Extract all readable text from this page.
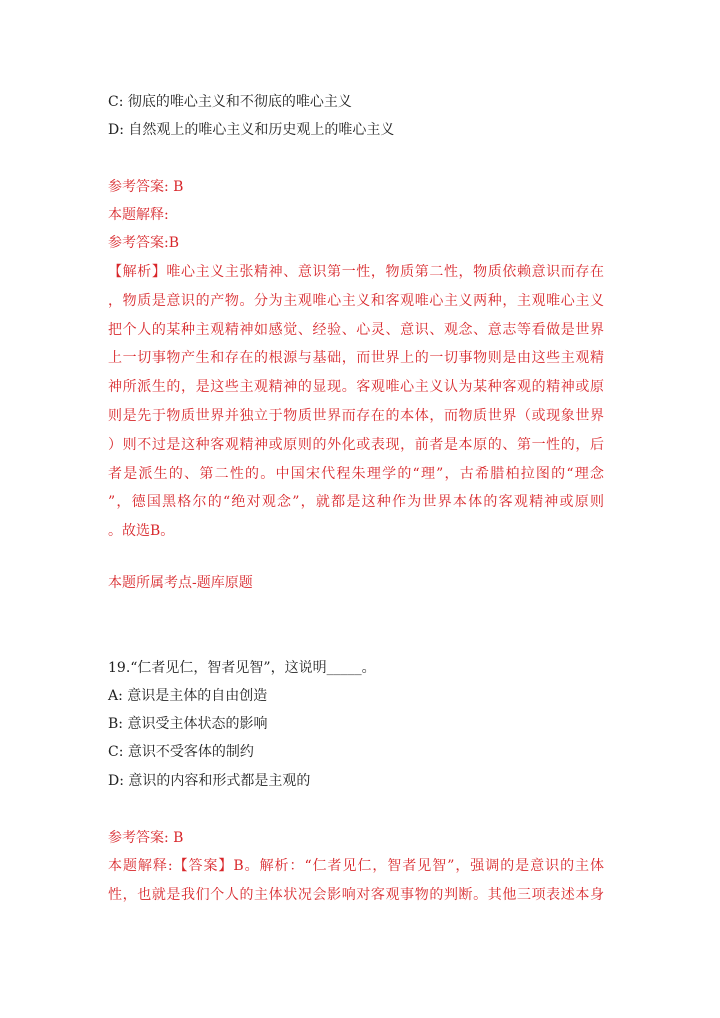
C: 彻底的唯心主义和不彻底的唯心主义
D: 自然观上的唯心主义和历史观上的唯心主义
参考答案: B
本题解释:
参考答案:B
【解析】唯心主义主张精神、意识第一性，物质第二性，物质依赖意识而存在
，物质是意识的产物。分为主观唯心主义和客观唯心主义两种，主观唯心主义
把个人的某种主观精神如感觉、经验、心灵、意识、观念、意志等看做是世界
上一切事物产生和存在的根源与基础，而世界上的一切事物则是由这些主观精
神所派生的，是这些主观精神的显现。客观唯心主义认为某种客观的精神或原
则是先于物质世界并独立于物质世界而存在的本体，而物质世界（或现象世界
）则不过是这种客观精神或原则的外化或表现，前者是本原的、第一性的，后
者是派生的、第二性的。中国宋代程朱理学的“理”，古希腊柏拉图的“理念
”，德国黑格尔的“绝对观念”，就都是这种作为世界本体的客观精神或原则
。故选B。
本题所属考点-题库原题
19.“仁者见仁，智者见智”，这说明_____。
A: 意识是主体的自由创造
B: 意识受主体状态的影响
C: 意识不受客体的制约
D: 意识的内容和形式都是主观的
参考答案: B
本题解释:【答案】B。解析：“仁者见仁，智者见智”，强调的是意识的主体
性，也就是我们个人的主体状况会影响对客观事物的判断。其他三项表述本身
